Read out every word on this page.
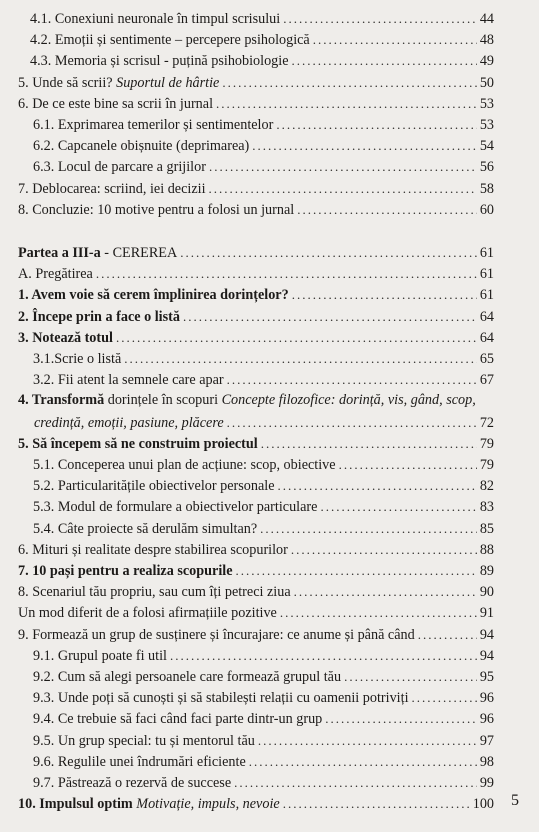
4.1. Conexiuni neuronale în timpul scrisului .....	44
4.2. Emoții și sentimente – percepere psihologică .....	48
4.3. Memoria și scrisul - puțină psihobiologie .....	49
5. Unde să scrii? Suportul de hârtie .....	50
6. De ce este bine sa scrii în jurnal .....	53
6.1. Exprimarea temerilor și sentimentelor .....	53
6.2. Capcanele obișnuite (deprimarea) .....	54
6.3. Locul de parcare a grijilor .....	56
7. Deblocarea: scriind, iei decizii .....	58
8. Concluzie: 10 motive pentru a folosi un jurnal .....	60
Partea a III-a - CEREREA .....	61
A. Pregătirea .....	61
1. Avem voie să cerem împlinirea dorințelor? .....	61
2. Începe prin a face o listă .....	64
3. Notează totul .....	64
3.1.Scrie o listă .....	65
3.2. Fii atent la semnele care apar .....	67
4. Transformă dorințele în scopuri Concepte filozofice: dorință, vis, gând, scop,
credință, emoții, pasiune, plăcere .....	72
5. Să începem să ne construim proiectul .....	79
5.1. Conceperea unui plan de acțiune: scop, obiective .....	79
5.2. Particularitățile obiectivelor personale .....	82
5.3. Modul de formulare a obiectivelor particulare .....	83
5.4. Câte proiecte să derulăm simultan? .....	85
6. Mituri și realitate despre stabilirea scopurilor .....	88
7. 10 pași pentru a realiza scopurile .....	89
8. Scenariul tău propriu, sau cum îți petreci ziua .....	90
Un mod diferit de a folosi afirmațiile pozitive .....	91
9. Formează un grup de susținere și încurajare: ce anume și până când .....	94
9.1. Grupul poate fi util .....	94
9.2. Cum să alegi persoanele care formează grupul tău .....	95
9.3. Unde poți să cunoști și să stabilești relații cu oamenii potriviți .....	96
9.4. Ce trebuie să faci când faci parte dintr-un grup .....	96
9.5. Un grup special: tu și mentorul tău .....	97
9.6. Regulile unei îndrumări eficiente .....	98
9.7. Păstrează o rezervă de succese .....	99
10. Impulsul optim Motivație, impuls, nevoie .....	100 5
